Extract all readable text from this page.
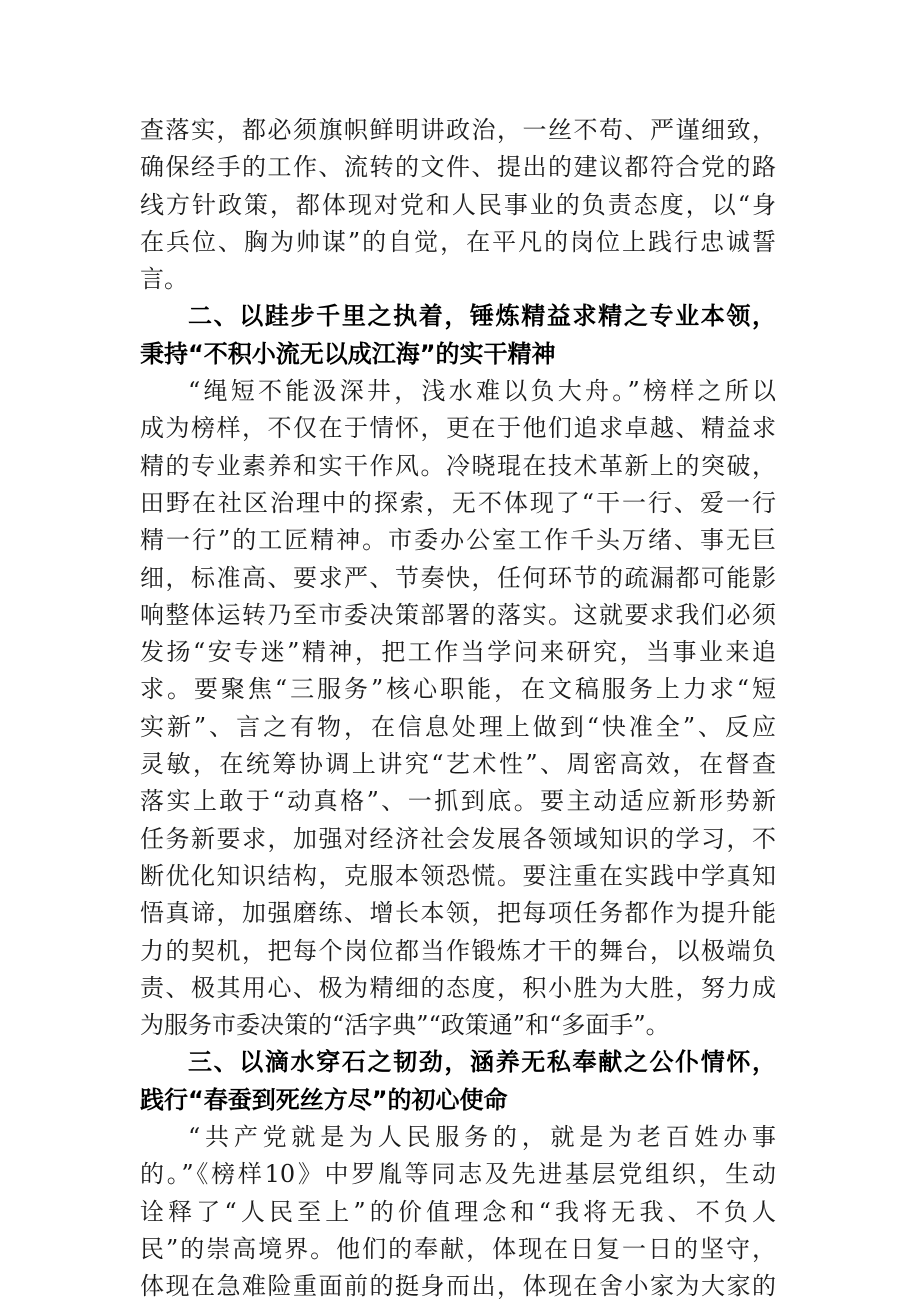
查落实，都必须旗帜鲜明讲政治，一丝不苟、严谨细致，
确保经手的工作、流转的文件、提出的建议都符合党的路
线方针政策，都体现对党和人民事业的负责态度，以“身
在兵位、胸为帅谋”的自觉，在平凡的岗位上践行忠诚誓
言。
二、以跬步千里之执着，锤炼精益求精之专业本领，
秉持“不积小流无以成江海”的实干精神
“绳短不能汲深井，浅水难以负大舟。”榜样之所以
成为榜样，不仅在于情怀，更在于他们追求卓越、精益求
精的专业素养和实干作风。冷晓琨在技术革新上的突破，
田野在社区治理中的探索，无不体现了“干一行、爱一行
精一行”的工匠精神。市委办公室工作千头万绪、事无巨
细，标准高、要求严、节奏快，任何环节的疏漏都可能影
响整体运转乃至市委决策部署的落实。这就要求我们必须
发扬“安专迷”精神，把工作当学问来研究，当事业来追
求。要聚焦“三服务”核心职能，在文稿服务上力求“短
实新”、言之有物，在信息处理上做到“快准全”、反应
灵敏，在统筹协调上讲究“艺术性”、周密高效，在督查
落实上敢于“动真格”、一抓到底。要主动适应新形势新
任务新要求，加强对经济社会发展各领域知识的学习，不
断优化知识结构，克服本领恐慌。要注重在实践中学真知
悟真谛，加强磨练、增长本领，把每项任务都作为提升能
力的契机，把每个岗位都当作锻炼才干的舞台，以极端负
责、极其用心、极为精细的态度，积小胜为大胜，努力成
为服务市委决策的“活字典”“政策通”和“多面手”。
三、以滴水穿石之韧劲，涵养无私奉献之公仆情怀，
践行“春蚕到死丝方尽”的初心使命
“共产党就是为人民服务的，就是为老百姓办事
的。”《榜样10》中罗胤等同志及先进基层党组织，生动
诠释了“人民至上”的价值理念和“我将无我、不负人
民”的崇高境界。他们的奉献，体现在日复一日的坚守，
体现在急难险重面前的挺身而出，体现在舍小家为大家的
